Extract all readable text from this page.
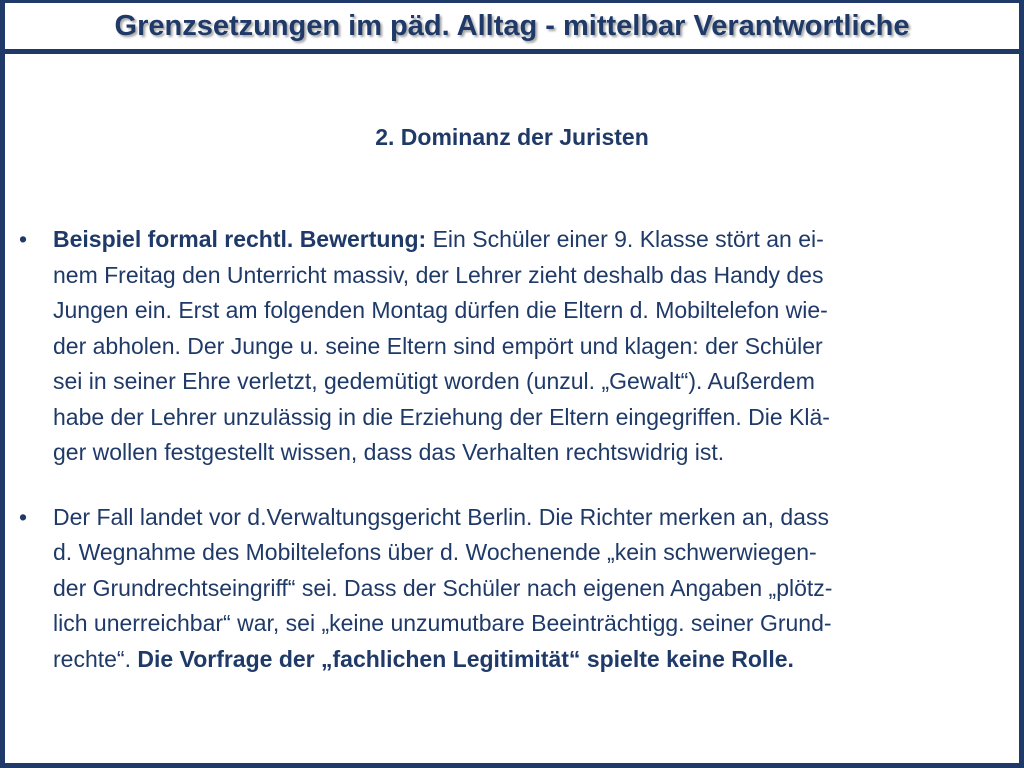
Grenzsetzungen im päd. Alltag - mittelbar Verantwortliche
2. Dominanz der Juristen
•	Beispiel formal rechtl. Bewertung: Ein Schüler einer 9. Klasse stört an ei-
nem Freitag den Unterricht massiv, der Lehrer zieht deshalb das Handy des
Jungen ein. Erst am folgenden Montag dürfen die Eltern d. Mobiltelefon wie-
der abholen. Der Junge u. seine Eltern sind empört und klagen: der Schüler
sei in seiner Ehre verletzt, gedemütigt worden (unzul. „Gewalt“). Außerdem
habe der Lehrer unzulässig in die Erziehung der Eltern eingegriffen. Die Klä-
ger wollen festgestellt wissen, dass das Verhalten rechtswidrig ist.
•	Der Fall landet vor d.Verwaltungsgericht Berlin. Die Richter merken an, dass
d. Wegnahme des Mobiltelefons über d. Wochenende „kein schwerwiegen-
der Grundrechtseingriff“ sei. Dass der Schüler nach eigenen Angaben „plötz-
lich unerreichbar“ war, sei „keine unzumutbare Beeinträchtigg. seiner Grund-
rechte“. Die Vorfrage der „fachlichen Legitimität“ spielte keine Rolle.
